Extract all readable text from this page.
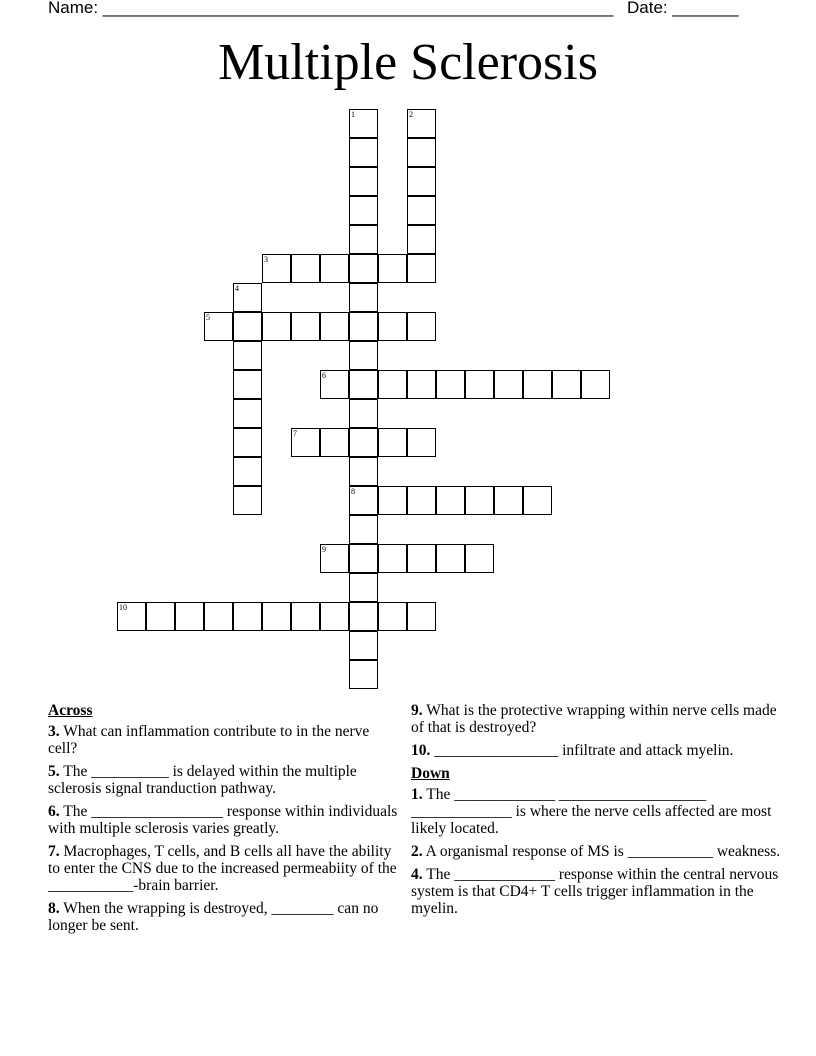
Name: ______________________________________________________ Date: _______
Multiple Sclerosis
1	2
3
4
5
6
7
8
9
10
Across
3. What can inflammation contribute to in the nerve cell?
5. The __________ is delayed within the multiple sclerosis signal tranduction pathway.
6. The _________________ response within individuals with multiple sclerosis varies greatly.
7. Macrophages, T cells, and B cells all have the ability to enter the CNS due to the increased permeabiity of the ___________-brain barrier.
8. When the wrapping is destroyed, ________ can no longer be sent.
9. What is the protective wrapping within nerve cells made of that is destroyed?
10. ________________ infiltrate and attack myelin.
Down
1. The _____________ ___________________ _____________ is where the nerve cells affected are most likely located.
2. A organismal response of MS is ___________ weakness.
4. The _____________ response within the central nervous system is that CD4+ T cells trigger inflammation in the myelin.
